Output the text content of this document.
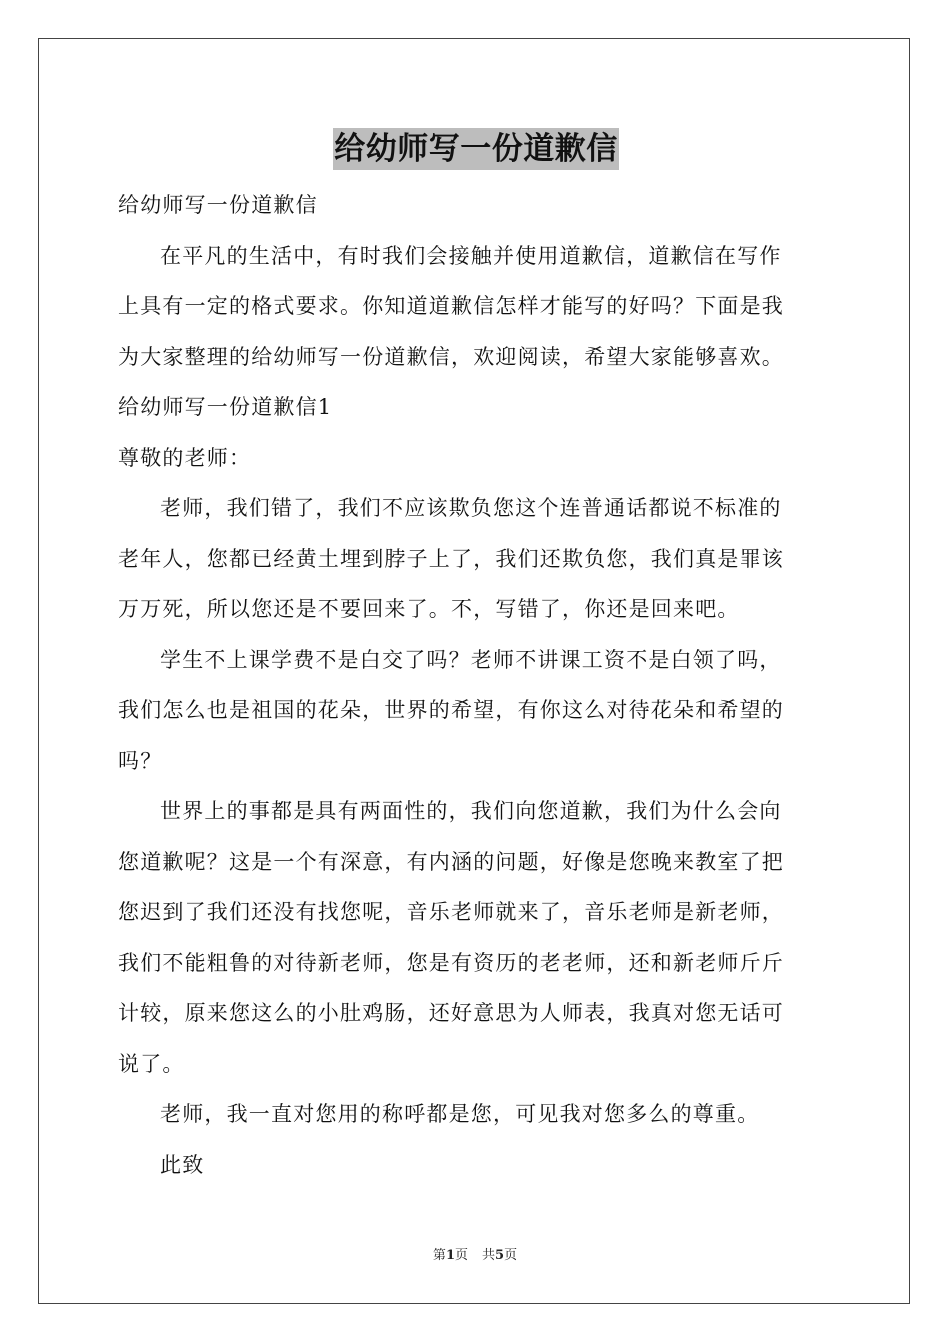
给幼师写一份道歉信
给幼师写一份道歉信
在平凡的生活中，有时我们会接触并使用道歉信，道歉信在写作
上具有一定的格式要求。你知道道歉信怎样才能写的好吗？下面是我
为大家整理的给幼师写一份道歉信，欢迎阅读，希望大家能够喜欢。
给幼师写一份道歉信1
尊敬的老师：
老师，我们错了，我们不应该欺负您这个连普通话都说不标准的
老年人，您都已经黄土埋到脖子上了，我们还欺负您，我们真是罪该
万万死，所以您还是不要回来了。不，写错了，你还是回来吧。
学生不上课学费不是白交了吗？老师不讲课工资不是白领了吗，
我们怎么也是祖国的花朵，世界的希望，有你这么对待花朵和希望的
吗？
世界上的事都是具有两面性的，我们向您道歉，我们为什么会向
您道歉呢？这是一个有深意，有内涵的问题，好像是您晚来教室了把
您迟到了我们还没有找您呢，音乐老师就来了，音乐老师是新老师，
我们不能粗鲁的对待新老师，您是有资历的老老师，还和新老师斤斤
计较，原来您这么的小肚鸡肠，还好意思为人师表，我真对您无话可
说了。
老师，我一直对您用的称呼都是您，可见我对您多么的尊重。
此致
第1页 共5页
